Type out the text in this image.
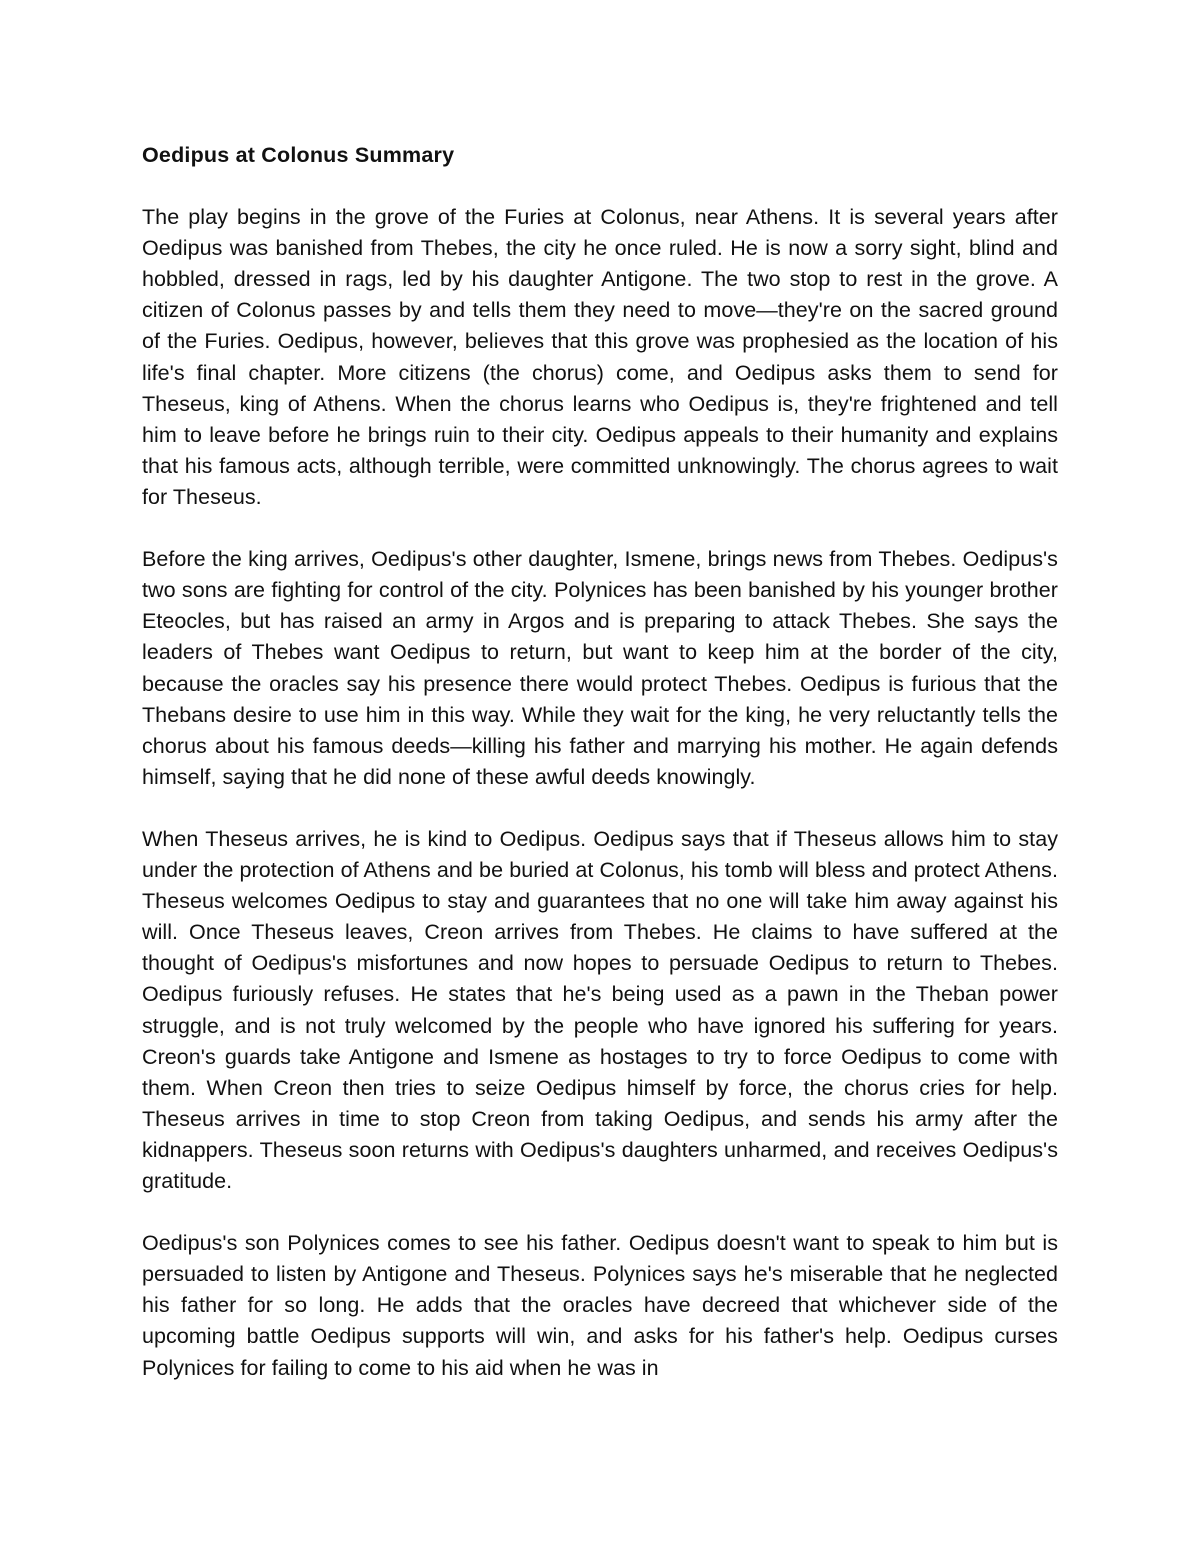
Oedipus at Colonus Summary

The play begins in the grove of the Furies at Colonus, near Athens. It is several years after Oedipus was banished from Thebes, the city he once ruled. He is now a sorry sight, blind and hobbled, dressed in rags, led by his daughter Antigone. The two stop to rest in the grove. A citizen of Colonus passes by and tells them they need to move—they're on the sacred ground of the Furies. Oedipus, however, believes that this grove was prophesied as the location of his life's final chapter. More citizens (the chorus) come, and Oedipus asks them to send for Theseus, king of Athens. When the chorus learns who Oedipus is, they're frightened and tell him to leave before he brings ruin to their city. Oedipus appeals to their humanity and explains that his famous acts, although terrible, were committed unknowingly. The chorus agrees to wait for Theseus.

Before the king arrives, Oedipus's other daughter, Ismene, brings news from Thebes. Oedipus's two sons are fighting for control of the city. Polynices has been banished by his younger brother Eteocles, but has raised an army in Argos and is preparing to attack Thebes. She says the leaders of Thebes want Oedipus to return, but want to keep him at the border of the city, because the oracles say his presence there would protect Thebes. Oedipus is furious that the Thebans desire to use him in this way. While they wait for the king, he very reluctantly tells the chorus about his famous deeds—killing his father and marrying his mother. He again defends himself, saying that he did none of these awful deeds knowingly.

When Theseus arrives, he is kind to Oedipus. Oedipus says that if Theseus allows him to stay under the protection of Athens and be buried at Colonus, his tomb will bless and protect Athens. Theseus welcomes Oedipus to stay and guarantees that no one will take him away against his will. Once Theseus leaves, Creon arrives from Thebes. He claims to have suffered at the thought of Oedipus's misfortunes and now hopes to persuade Oedipus to return to Thebes. Oedipus furiously refuses. He states that he's being used as a pawn in the Theban power struggle, and is not truly welcomed by the people who have ignored his suffering for years. Creon's guards take Antigone and Ismene as hostages to try to force Oedipus to come with them. When Creon then tries to seize Oedipus himself by force, the chorus cries for help. Theseus arrives in time to stop Creon from taking Oedipus, and sends his army after the kidnappers. Theseus soon returns with Oedipus's daughters unharmed, and receives Oedipus's gratitude.

Oedipus's son Polynices comes to see his father. Oedipus doesn't want to speak to him but is persuaded to listen by Antigone and Theseus. Polynices says he's miserable that he neglected his father for so long. He adds that the oracles have decreed that whichever side of the upcoming battle Oedipus supports will win, and asks for his father's help. Oedipus curses Polynices for failing to come to his aid when he was in
